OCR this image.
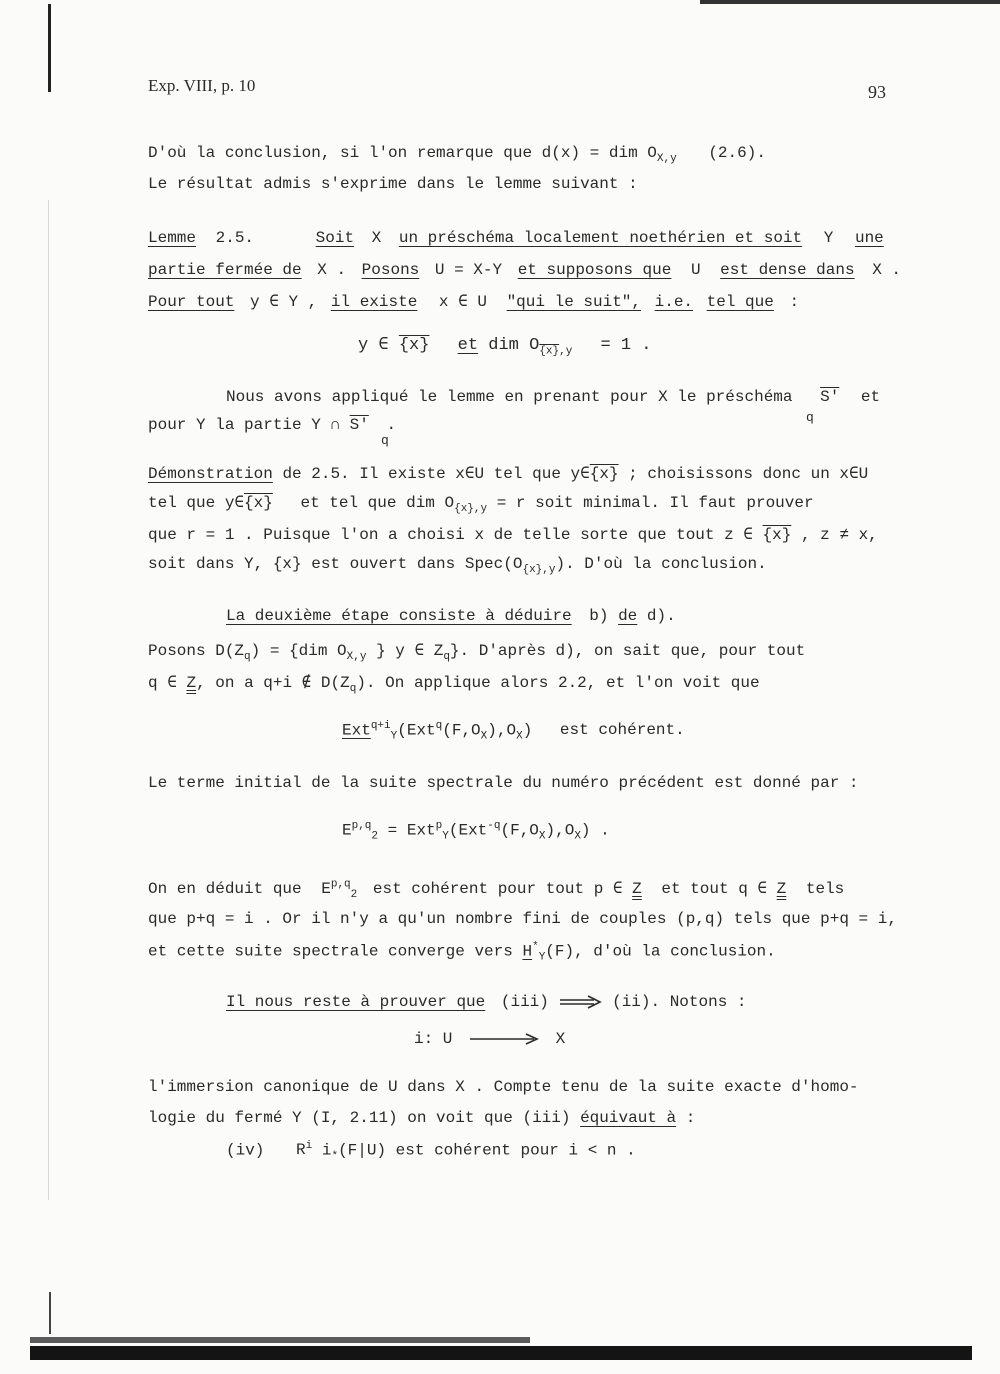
Exp. VIII, p. 10	93
D'où la conclusion, si l'on remarque que d(x) = dim $O_{X,y}$ (2.6).
Le résultat admis s'exprime dans le lemme suivant :
Lemme 2.5.	Soit X un préschéma localement noethérien et soit Y une
partie fermée de X . Posons U = X-Y et supposons que U est dense dans X .
Pour tout y ∈ Y , il existe x ∈ U "qui le suit", i.e. tel que :
y ∈ {x} et dim $O_{\{x\},y} = 1$ .
Nous avons appliqué le lemme en prenant pour X le préschéma S' et
q
pour Y la partie Y ∩ S' .
q
Démonstration de 2.5. Il existe x∈U tel que y∈{x} ; choisissons donc un x∈U
tel que y∈{x} et tel que dim $O_{\{x\},y} = r$ soit minimal. Il faut prouver
que r = 1 . Puisque l'on a choisi x de telle sorte que tout z ∈ {x} , z ≠ x,
soit dans Y, {x} est ouvert dans $Spec(O_{\{x\},y})$. D'où la conclusion.
La deuxième étape consiste à déduire b) de d).
Posons $D(Z_q) = \{dim$ $O_{X,y}$ } y ∈ $Z_q$}. D'après d), on sait que, pour tout
q ∈ Z, on a q+i ∉ $D(Z_q)$. On applique alors 2.2, et l'on voit que
$Ext^{q+i}_Y(Ext^q(F,O_X),O_X)$ est cohérent.
Le terme initial de la suite spectrale du numéro précédent est donné par :
$E^{p,q}_2 = Ext^p_Y(Ext^{-q}(F,O_X),O_X)$ .
On en déduit que E$^{p,q}_2$ est cohérent pour tout p ∈ Z et tout q ∈ Z tels
que p+q = i . Or il n'y a qu'un nombre fini de couples (p,q) tels que p+q = i,
et cette suite spectrale converge vers $H^*_Y(F)$, d'où la conclusion.
Il nous reste à prouver que (iii)	(ii). Notons :
i: U	X
l'immersion canonique de U dans X . Compte tenu de la suite exacte d'homo-
logie du fermé Y (I, 2.11) on voit que (iii) équivaut à :
(iv) $R^i$ $i_*(F|U)$ est cohérent pour i < n .
